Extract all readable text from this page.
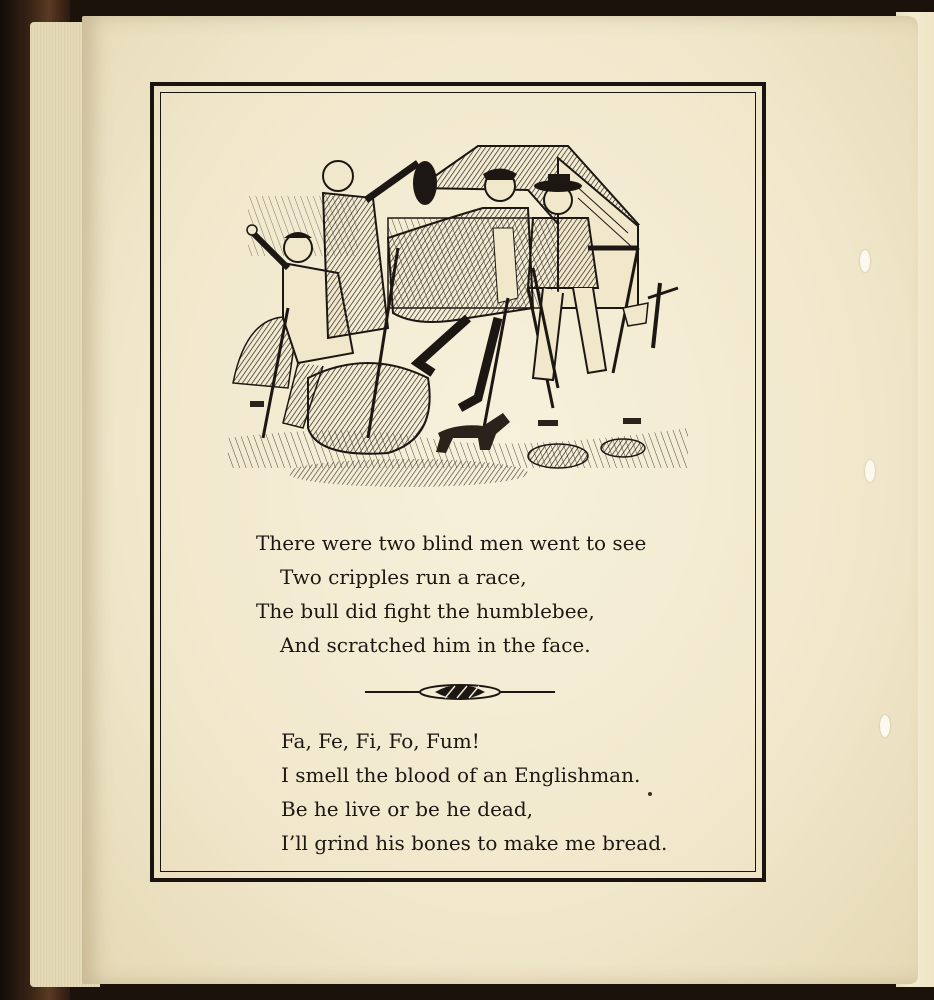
There were two blind men went to see
Two cripples run a race,
The bull did fight the humblebee,
And scratched him in the face.
Fa, Fe, Fi, Fo, Fum!
I smell the blood of an Englishman.
Be he live or be he dead,
I’ll grind his bones to make me bread.
